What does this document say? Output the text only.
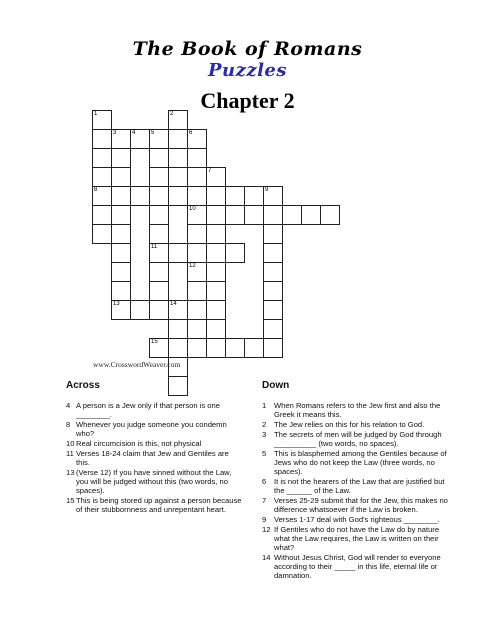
The Book of Romans
Puzzles
Chapter 2
1	2
3	4	5	6
7
8	9
10
11
12
13	14
15
www.CrosswordWeaver.com
Across	Down
4 A person is a Jew only if that person is one ________.
8 Whenever you judge someone you condemn who?
10 Real circumcision is this, not physical
11 Verses 18-24 claim that Jew and Gentiles are this.
13 (Verse 12) If you have sinned without the Law, you will be judged without this (two words, no spaces).
15 This is being stored up against a person because of their stubbornness and unrepentant heart.
1 When Romans refers to the Jew first and also the Greek it means this.
2 The Jew relies on this for his relation to God.
3 The secrets of men will be judged by God through __________ (two words, no spaces).
5 This is blasphemed among the Gentiles because of Jews who do not keep the Law (three words, no spaces).
6 It is not the hearers of the Law that are justified but the ______ of the Law.
7 Verses 25-29 submit that for the Jew, this makes no difference whatsoever if the Law is broken.
9 Verses 1-17 deal with God's righteous ________.
12 If Gentiles who do not have the Law do by nature what the Law requires, the Law is written on their what?
14 Without Jesus Christ, God will render to everyone according to their _____ in this life, eternal life or damnation.
